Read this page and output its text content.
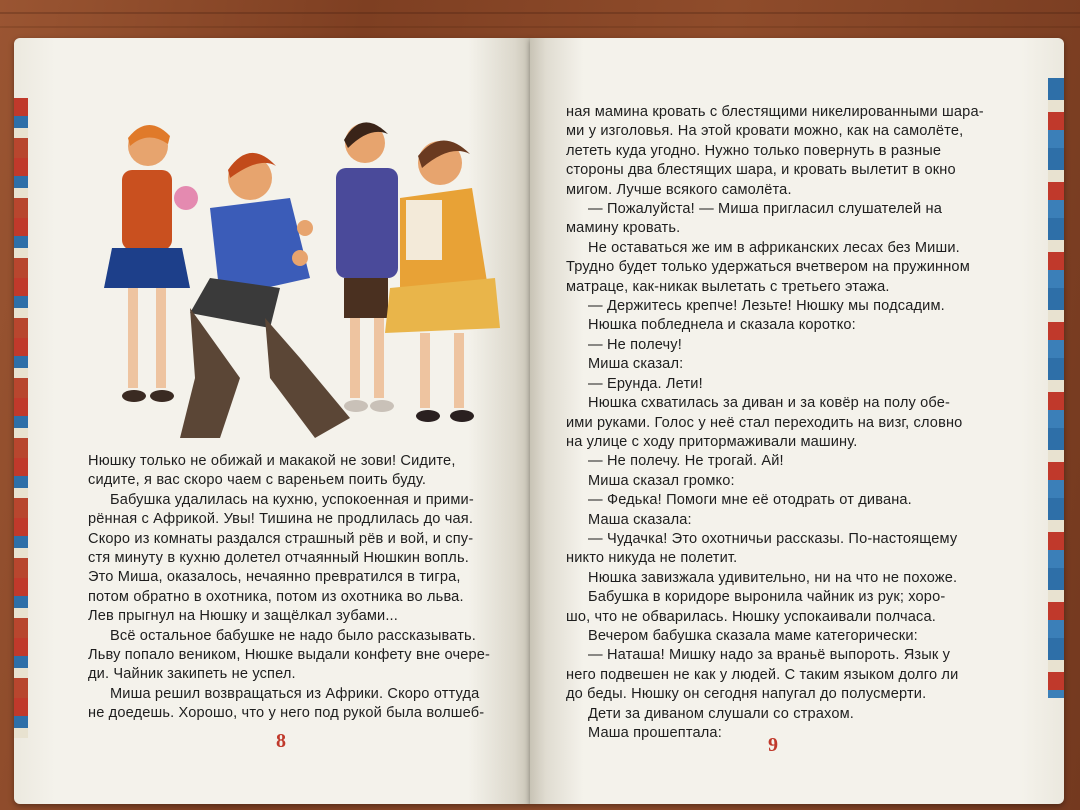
Нюшку только не обижай и макакой не зови! Сидите,

сидите, я вас скоро чаем с вареньем поить буду.

Бабушка удалилась на кухню, успокоенная и прими-

рённая с Африкой. Увы! Тишина не продлилась до чая.

Скоро из комнаты раздался страшный рёв и вой, и спу-

стя минуту в кухню долетел отчаянный Нюшкин вопль.

Это Миша, оказалось, нечаянно превратился в тигра,

потом обратно в охотника, потом из охотника во льва.

Лев прыгнул на Нюшку и защёлкал зубами...

Всё остальное бабушке не надо было рассказывать.

Льву попало веником, Нюшке выдали конфету вне очере-

ди. Чайник закипеть не успел.

Миша решил возвращаться из Африки. Скоро оттуда

не доедешь. Хорошо, что у него под рукой была волшеб-

8	9

ная мамина кровать с блестящими никелированными шара-

ми у изголовья. На этой кровати можно, как на самолёте,

лететь куда угодно. Нужно только повернуть в разные

стороны два блестящих шара, и кровать вылетит в окно

мигом. Лучше всякого самолёта.

— Пожалуйста! — Миша пригласил слушателей на

мамину кровать.

Не оставаться же им в африканских лесах без Миши.

Трудно будет только удержаться вчетвером на пружинном

матраце, как-никак вылетать с третьего этажа.

— Держитесь крепче! Лезьте! Нюшку мы подсадим.

Нюшка побледнела и сказала коротко:

— Не полечу!

Миша сказал:

— Ерунда. Лети!

Нюшка схватилась за диван и за ковёр на полу обе-

ими руками. Голос у неё стал переходить на визг, словно

на улице с ходу притормаживали машину.

— Не полечу. Не трогай. Ай!

Миша сказал громко:

— Федька! Помоги мне её отодрать от дивана.

Маша сказала:

— Чудачка! Это охотничьи рассказы. По-настоящему

никто никуда не полетит.

Нюшка завизжала удивительно, ни на что не похоже.

Бабушка в коридоре выронила чайник из рук; хоро-

шо, что не обварилась. Нюшку успокаивали полчаса.

Вечером бабушка сказала маме категорически:

— Наташа! Мишку надо за враньё выпороть. Язык у

него подвешен не как у людей. С таким языком долго ли

до беды. Нюшку он сегодня напугал до полусмерти.

Дети за диваном слушали со страхом.

Маша прошептала:
